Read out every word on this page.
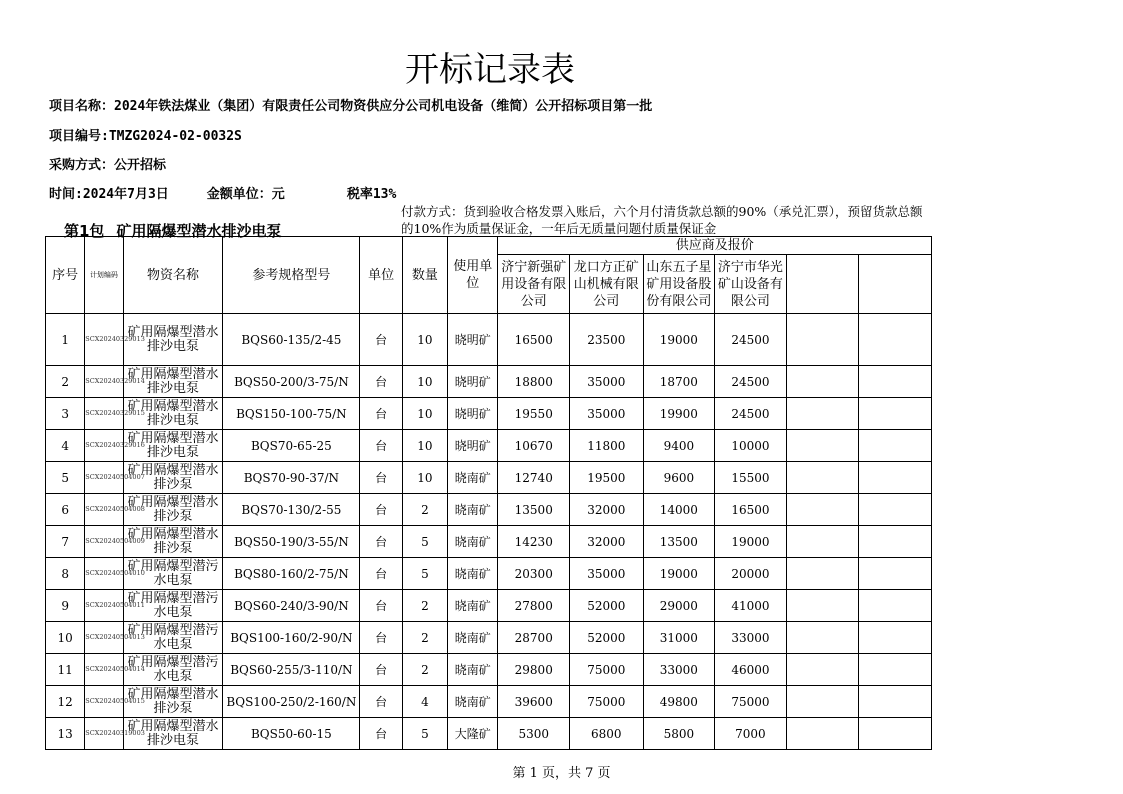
开标记录表
项目名称：2024年铁法煤业（集团）有限责任公司物资供应分公司机电设备（维简）公开招标项目第一批
项目编号:TMZG2024-02-0032S
采购方式：公开招标
时间:2024年7月3日	金额单位：元	税率13%
第1包 矿用隔爆型潜水排沙电泵
付款方式：货到验收合格发票入账后，六个月付清货款总额的90%（承兑汇票），预留货款总额的10%作为质量保证金，一年后无质量问题付质量保证金
序号	计划编码	物资名称	参考规格型号	单位	数量	使用单位	供应商及报价					
							济宁新强矿用设备有限公司	龙口方正矿山机械有限公司	山东五子星矿用设备股份有限公司	济宁市华光矿山设备有限公司		
1	SCX20240329013	矿用隔爆型潜水排沙电泵	BQS60-135/2-45	台	10	晓明矿	16500	23500	19000	24500		
2	SCX20240329014	矿用隔爆型潜水排沙电泵	BQS50-200/3-75/N	台	10	晓明矿	18800	35000	18700	24500		
3	SCX20240329015	矿用隔爆型潜水排沙电泵	BQS150-100-75/N	台	10	晓明矿	19550	35000	19900	24500		
4	SCX20240329016	矿用隔爆型潜水排沙电泵	BQS70-65-25	台	10	晓明矿	10670	11800	9400	10000		
5	SCX20240504007	矿用隔爆型潜水排沙泵	BQS70-90-37/N	台	10	晓南矿	12740	19500	9600	15500		
6	SCX20240504008	矿用隔爆型潜水排沙泵	BQS70-130/2-55	台	2	晓南矿	13500	32000	14000	16500		
7	SCX20240504009	矿用隔爆型潜水排沙泵	BQS50-190/3-55/N	台	5	晓南矿	14230	32000	13500	19000		
8	SCX20240504010	矿用隔爆型潜污水电泵	BQS80-160/2-75/N	台	5	晓南矿	20300	35000	19000	20000		
9	SCX20240504011	矿用隔爆型潜污水电泵	BQS60-240/3-90/N	台	2	晓南矿	27800	52000	29000	41000		
10	SCX20240504013	矿用隔爆型潜污水电泵	BQS100-160/2-90/N	台	2	晓南矿	28700	52000	31000	33000		
11	SCX20240504014	矿用隔爆型潜污水电泵	BQS60-255/3-110/N	台	2	晓南矿	29800	75000	33000	46000		
12	SCX20240504015	矿用隔爆型潜水排沙泵	BQS100-250/2-160/N	台	4	晓南矿	39600	75000	49800	75000		
13	SCX20240319003	矿用隔爆型潜水排沙电泵	BQS50-60-15	台	5	大隆矿	5300	6800	5800	7000		
第 1 页，共 7 页
